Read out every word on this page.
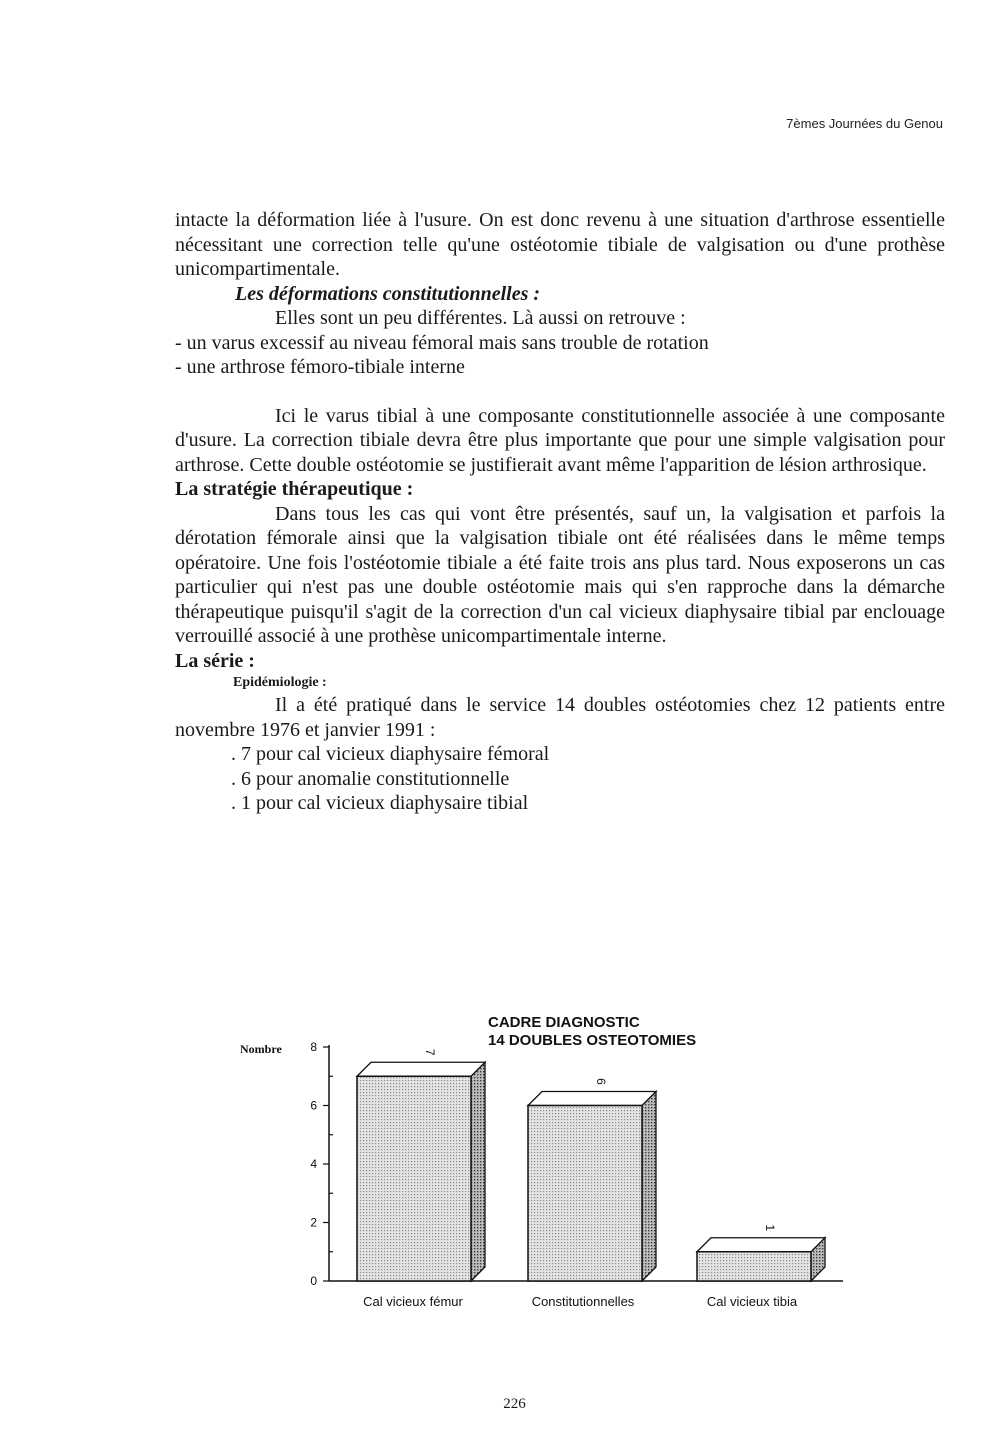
7èmes Journées du Genou

intacte la déformation liée à l'usure. On est donc revenu à une situation d'arthrose essentielle nécessitant une correction telle qu'une ostéotomie tibiale de valgisation ou d'une prothèse unicompartimentale.

Les déformations constitutionnelles :

Elles sont un peu différentes. Là aussi on retrouve :

- un varus excessif au niveau fémoral mais sans trouble de rotation

- une arthrose fémoro-tibiale interne

Ici le varus tibial à une composante constitutionnelle associée à une composante d'usure. La correction tibiale devra être plus importante que pour une simple valgisation pour arthrose. Cette double ostéotomie se justifierait avant même l'apparition de lésion arthrosique.

La stratégie thérapeutique :

Dans tous les cas qui vont être présentés, sauf un, la valgisation et parfois la dérotation fémorale ainsi que la valgisation tibiale ont été réalisées dans le même temps opératoire. Une fois l'ostéotomie tibiale a été faite trois ans plus tard. Nous exposerons un cas particulier qui n'est pas une double ostéotomie mais qui s'en rapproche dans la démarche thérapeutique puisqu'il s'agit de la correction d'un cal vicieux diaphysaire tibial par enclouage verrouillé associé à une prothèse unicompartimentale interne.

La série :

Epidémiologie :

Il a été pratiqué dans le service 14 doubles ostéotomies chez 12 patients entre novembre 1976 et janvier 1991 :

. 7 pour cal vicieux diaphysaire fémoral

. 6 pour anomalie constitutionnelle

. 1 pour cal vicieux diaphysaire tibial

CADRE DIAGNOSTIC
14 DOUBLES OSTEOTOMIES
Nombre
0
2
4
6
8	7
Cal vicieux fémur
6
Constitutionnelles
1
Cal vicieux tibia
226
